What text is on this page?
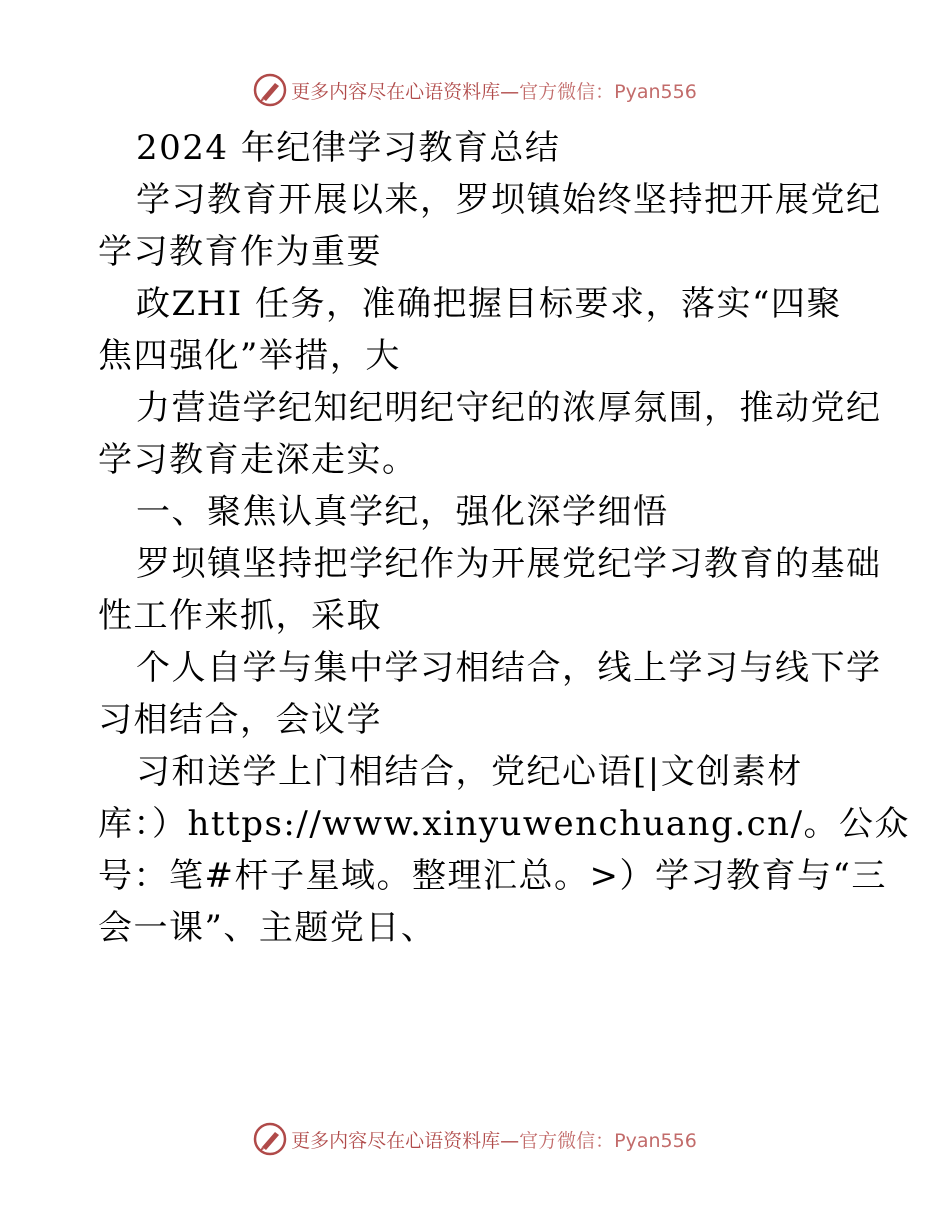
更多内容尽在心语资料库— 官方微信：Pyan556
2024 年纪律学习教育总结
学习教育开展以来，罗坝镇始终坚持把开展党纪
学习教育作为重要
政ZHI 任务，准确把握目标要求，落实“四聚
焦四强化”举措，大
力营造学纪知纪明纪守纪的浓厚氛围，推动党纪
学习教育走深走实。
一、聚焦认真学纪，强化深学细悟
罗坝镇坚持把学纪作为开展党纪学习教育的基础
性工作来抓，采取
个人自学与集中学习相结合，线上学习与线下学
习相结合，会议学
习和送学上门相结合，党纪心语[|文创素材
库：）https://www.xinyuwenchuang.cn/。公众
号：笔#杆子星域。整理汇总。>）学习教育与“三
会一课”、主题党日、
更多内容尽在心语资料库— 官方微信：Pyan556
